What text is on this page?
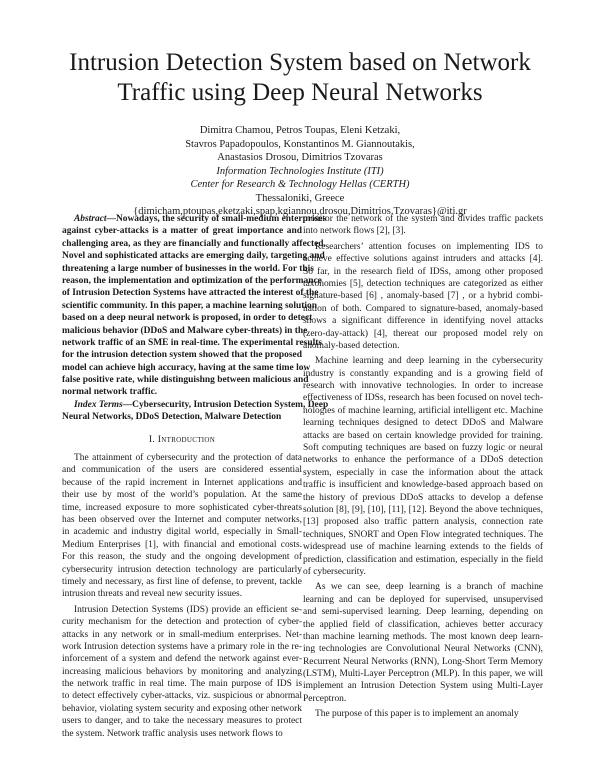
Intrusion Detection System based on Network
Traffic using Deep Neural Networks
Dimitra Chamou, Petros Toupas, Eleni Ketzaki,
Stavros Papadopoulos, Konstantinos M. Giannoutakis,
Anastasios Drosou, Dimitrios Tzovaras
Information Technologies Institute (ITI)
Center for Research & Technology Hellas (CERTH)
Thessaloniki, Greece
{dimicham,ptoupas,eketzaki,spap,kgiannou,drosou,Dimitrios.Tzovaras}@iti.gr
Abstract—Nowadays, the security of small-medium enterprises
against cyber-attacks is a matter of great importance and
challenging area, as they are financially and functionally affected.
Novel and sophisticated attacks are emerging daily, targeting and
threatening a large number of businesses in the world. For this
reason, the implementation and optimization of the performance
of Intrusion Detection Systems have attracted the interest of the
scientific community. In this paper, a machine learning solution
based on a deep neural network is proposed, in order to detect
malicious behavior (DDoS and Malware cyber-threats) in the
network traffic of an SME in real-time. The experimental results
for the intrusion detection system showed that the proposed
model can achieve high accuracy, having at the same time low
false positive rate, while distinguishng between malicious and
normal network traffic.
Index Terms—Cybersecurity, Intrusion Detection System, Deep
Neural Networks, DDoS Detection, Malware Detection
I. Introduction
The attainment of cybersecurity and the protection of data
and communication of the users are considered essential
because of the rapid increment in Internet applications and
their use by most of the world’s population. At the same
time, increased exposure to more sophisticated cyber-threats
has been observed over the Internet and computer networks,
in academic and industry digital world, especially in Small-
Medium Enterprises [1], with financial and emotional costs.
For this reason, the study and the ongoing development of
cybersecurity intrusion detection technology are particularly
timely and necessary, as first line of defense, to prevent, tackle
intrusion threats and reveal new security issues.
Intrusion Detection Systems (IDS) provide an efficient se-
curity mechanism for the detection and protection of cyber-
attacks in any network or in small-medium enterprises. Net-
work Intrusion detection systems have a primary role in the re-
inforcement of a system and defend the network against ever-
increasing malicious behaviors by monitoring and analyzing
the network traffic in real time. The main purpose of IDS is
to detect effectively cyber-attacks, viz. suspicious or abnormal
behavior, violating system security and exposing other network
users to danger, and to take the necessary measures to protect
the system. Network traffic analysis uses network flows to
monitor the network of the system and divides traffic packets
into network flows [2], [3].
Researchers’ attention focuses on implementing IDS to
achieve effective solutions against intruders and attacks [4].
So far, in the research field of IDSs, among other proposed
taxonomies [5], detection techniques are categorized as either
signature-based [6] , anomaly-based [7] , or a hybrid combi-
nation of both. Compared to signature-based, anomaly-based
shows a significant difference in identifying novel attacks
(zero-day-attack) [4], thereat our proposed model rely on
anomaly-based detection.
Machine learning and deep learning in the cybersecurity
industry is constantly expanding and is a growing field of
research with innovative technologies. In order to increase
effectiveness of IDSs, research has been focused on novel tech-
nologies of machine learning, artificial intelligent etc. Machine
learning techniques designed to detect DDoS and Malware
attacks are based on certain knowledge provided for training.
Soft computing techniques are based on fuzzy logic or neural
networks to enhance the performance of a DDoS detection
system, especially in case the information about the attack
traffic is insufficient and knowledge-based approach based on
the history of previous DDoS attacks to develop a defense
solution [8], [9], [10], [11], [12]. Beyond the above techniques,
[13] proposed also traffic pattern analysis, connection rate
techniques, SNORT and Open Flow integrated techniques. The
widespread use of machine learning extends to the fields of
prediction, classification and estimation, especially in the field
of cybersecurity.
As we can see, deep learning is a branch of machine
learning and can be deployed for supervised, unsupervised
and semi-supervised learning. Deep learning, depending on
the applied field of classification, achieves better accuracy
than machine learning methods. The most known deep learn-
ing technologies are Convolutional Neural Networks (CNN),
Recurrent Neural Networks (RNN), Long-Short Term Memory
(LSTM), Multi-Layer Perceptron (MLP). In this paper, we will
implement an Intrusion Detection System using Multi-Layer
Perceptron.
The purpose of this paper is to implement an anomaly
